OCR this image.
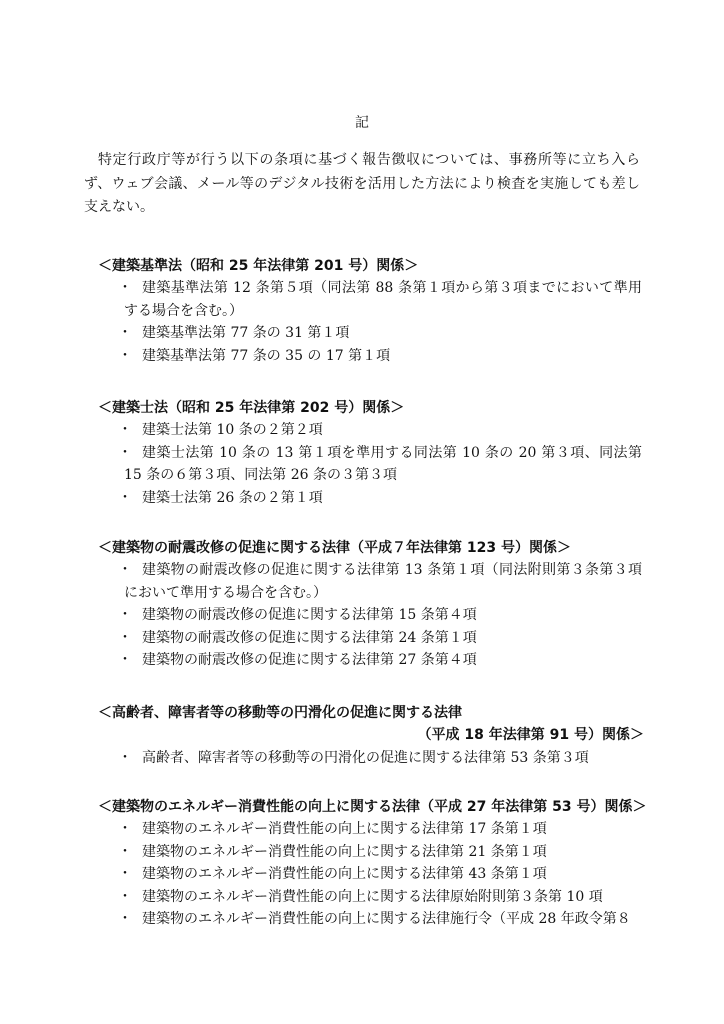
記
特定行政庁等が行う以下の条項に基づく報告徴収については、事務所等に立ち入らず、ウェブ会議、メール等のデジタル技術を活用した方法により検査を実施しても差し支えない。
＜建築基準法（昭和 25 年法律第 201 号）関係＞
・ 建築基準法第 12 条第５項（同法第 88 条第１項から第３項までにおいて準用する場合を含む。）
・ 建築基準法第 77 条の 31 第１項
・ 建築基準法第 77 条の 35 の 17 第１項
＜建築士法（昭和 25 年法律第 202 号）関係＞
・ 建築士法第 10 条の２第２項
・ 建築士法第 10 条の 13 第１項を準用する同法第 10 条の 20 第３項、同法第 15 条の６第３項、同法第 26 条の３第３項
・ 建築士法第 26 条の２第１項
＜建築物の耐震改修の促進に関する法律（平成７年法律第 123 号）関係＞
・ 建築物の耐震改修の促進に関する法律第 13 条第１項（同法附則第３条第３項において準用する場合を含む。）
・ 建築物の耐震改修の促進に関する法律第 15 条第４項
・ 建築物の耐震改修の促進に関する法律第 24 条第１項
・ 建築物の耐震改修の促進に関する法律第 27 条第４項
＜高齢者、障害者等の移動等の円滑化の促進に関する法律
（平成 18 年法律第 91 号）関係＞
・ 高齢者、障害者等の移動等の円滑化の促進に関する法律第 53 条第３項
＜建築物のエネルギー消費性能の向上に関する法律（平成 27 年法律第 53 号）関係＞
・ 建築物のエネルギー消費性能の向上に関する法律第 17 条第１項
・ 建築物のエネルギー消費性能の向上に関する法律第 21 条第１項
・ 建築物のエネルギー消費性能の向上に関する法律第 43 条第１項
・ 建築物のエネルギー消費性能の向上に関する法律原始附則第３条第 10 項
・ 建築物のエネルギー消費性能の向上に関する法律施行令（平成 28 年政令第８
